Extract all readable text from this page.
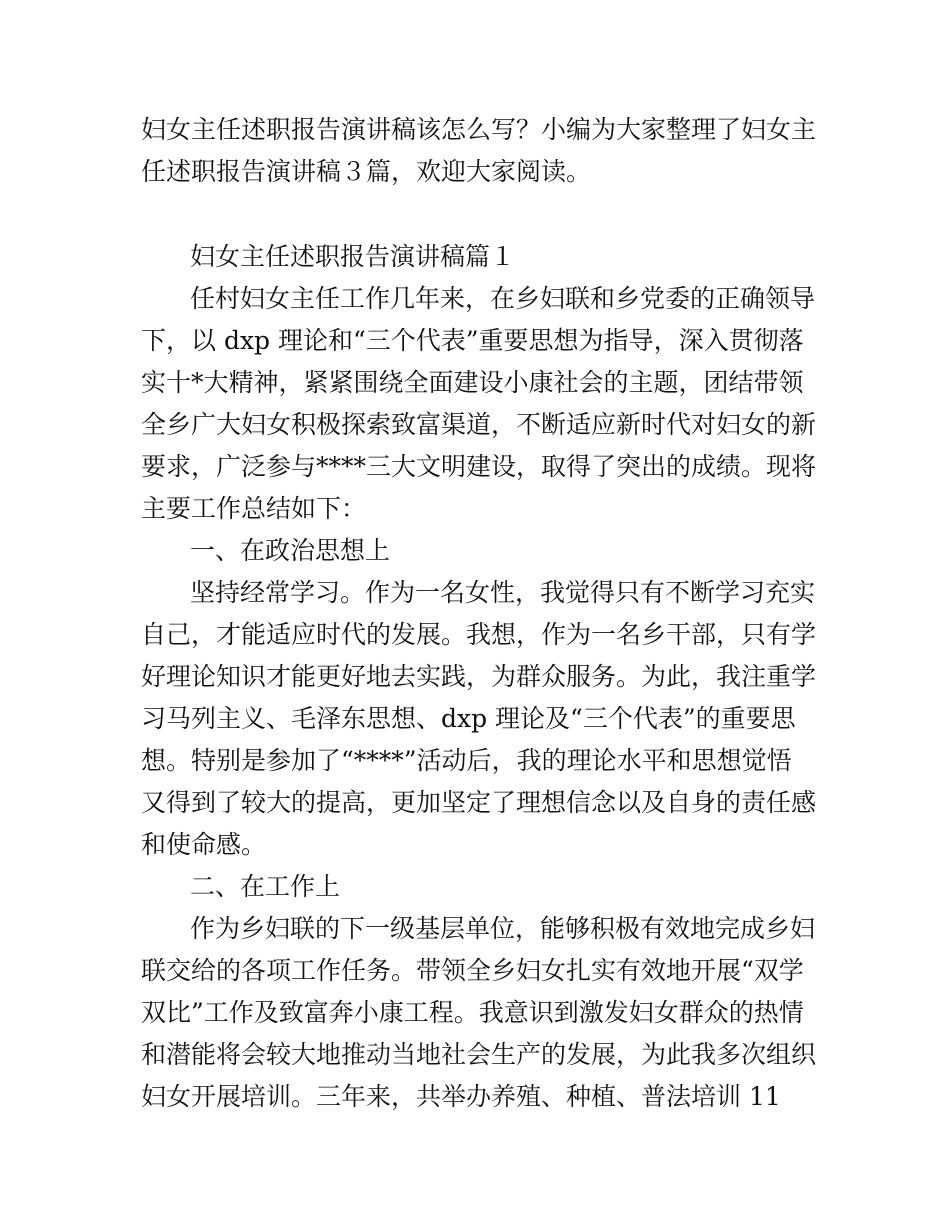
妇女主任述职报告演讲稿该怎么写？小编为大家整理了妇女主
任述职报告演讲稿３篇，欢迎大家阅读。
妇女主任述职报告演讲稿篇１
任村妇女主任工作几年来，在乡妇联和乡党委的正确领导
下，以 dxp 理论和“三个代表”重要思想为指导，深入贯彻落
实十*大精神，紧紧围绕全面建设小康社会的主题，团结带领
全乡广大妇女积极探索致富渠道，不断适应新时代对妇女的新
要求，广泛参与****三大文明建设，取得了突出的成绩。现将
主要工作总结如下：
一、在政治思想上
坚持经常学习。作为一名女性，我觉得只有不断学习充实
自己，才能适应时代的发展。我想，作为一名乡干部，只有学
好理论知识才能更好地去实践，为群众服务。为此，我注重学
习马列主义、毛泽东思想、dxp 理论及“三个代表”的重要思
想。特别是参加了“****”活动后，我的理论水平和思想觉悟
又得到了较大的提高，更加坚定了理想信念以及自身的责任感
和使命感。
二、在工作上
作为乡妇联的下一级基层单位，能够积极有效地完成乡妇
联交给的各项工作任务。带领全乡妇女扎实有效地开展“双学
双比”工作及致富奔小康工程。我意识到激发妇女群众的热情
和潜能将会较大地推动当地社会生产的发展，为此我多次组织
妇女开展培训。三年来，共举办养殖、种植、普法培训 11
